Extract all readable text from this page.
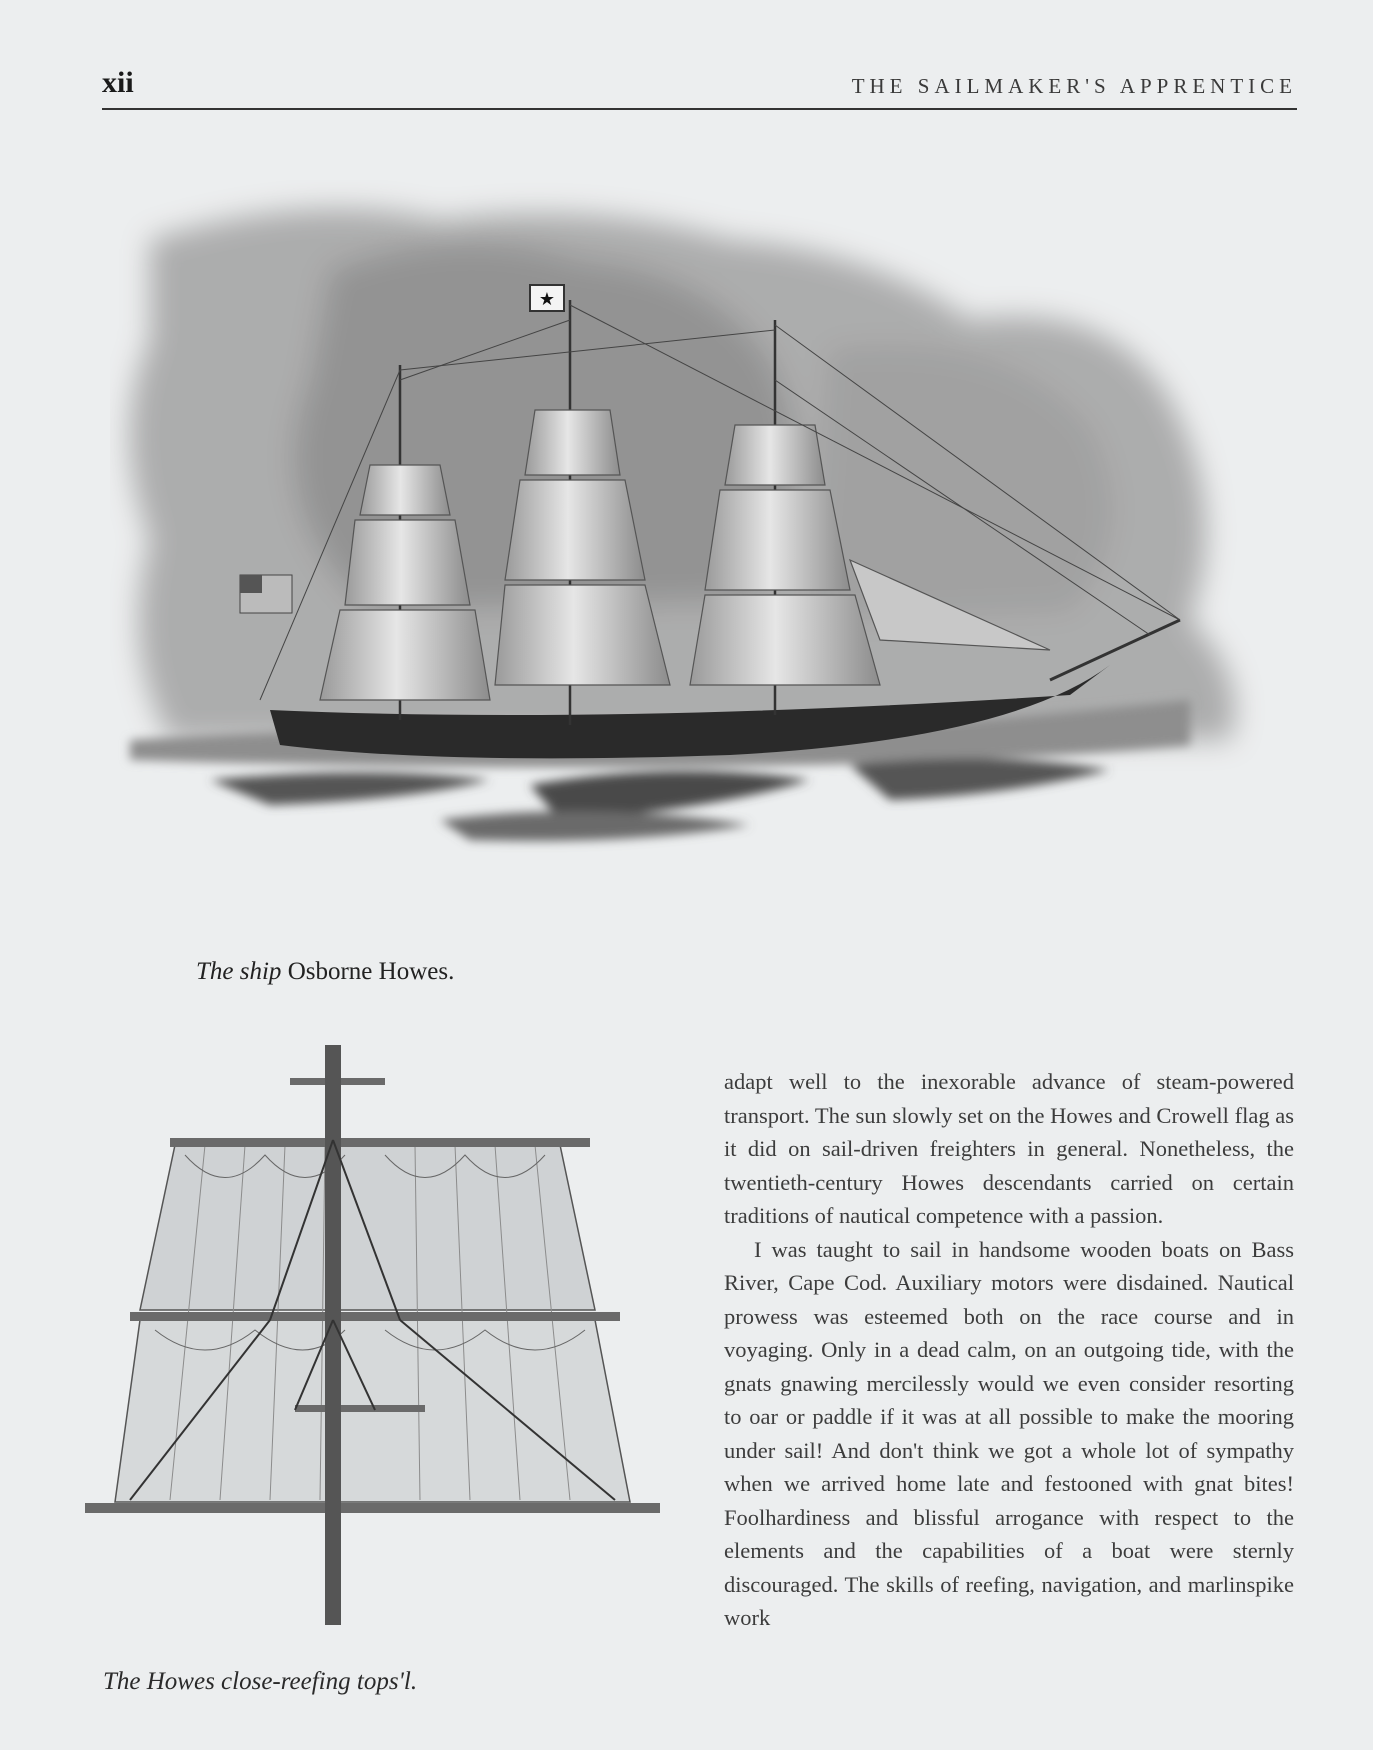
xii	THE SAILMAKER'S APPRENTICE
★
The ship Osborne Howes.
The Howes close-reefing tops'l.

adapt well to the inexorable advance of steam-powered transport. The sun slowly set on the Howes and Crowell flag as it did on sail-driven freighters in general. Nonetheless, the twentieth-century Howes descendants carried on certain traditions of nautical competence with a passion.

I was taught to sail in handsome wooden boats on Bass River, Cape Cod. Auxiliary motors were disdained. Nautical prowess was esteemed both on the race course and in voyaging. Only in a dead calm, on an outgoing tide, with the gnats gnawing mercilessly would we even consider resorting to oar or paddle if it was at all possible to make the mooring under sail! And don't think we got a whole lot of sympathy when we arrived home late and festooned with gnat bites! Foolhardiness and blissful arrogance with respect to the elements and the capabilities of a boat were sternly discouraged. The skills of reefing, navigation, and marlinspike work
